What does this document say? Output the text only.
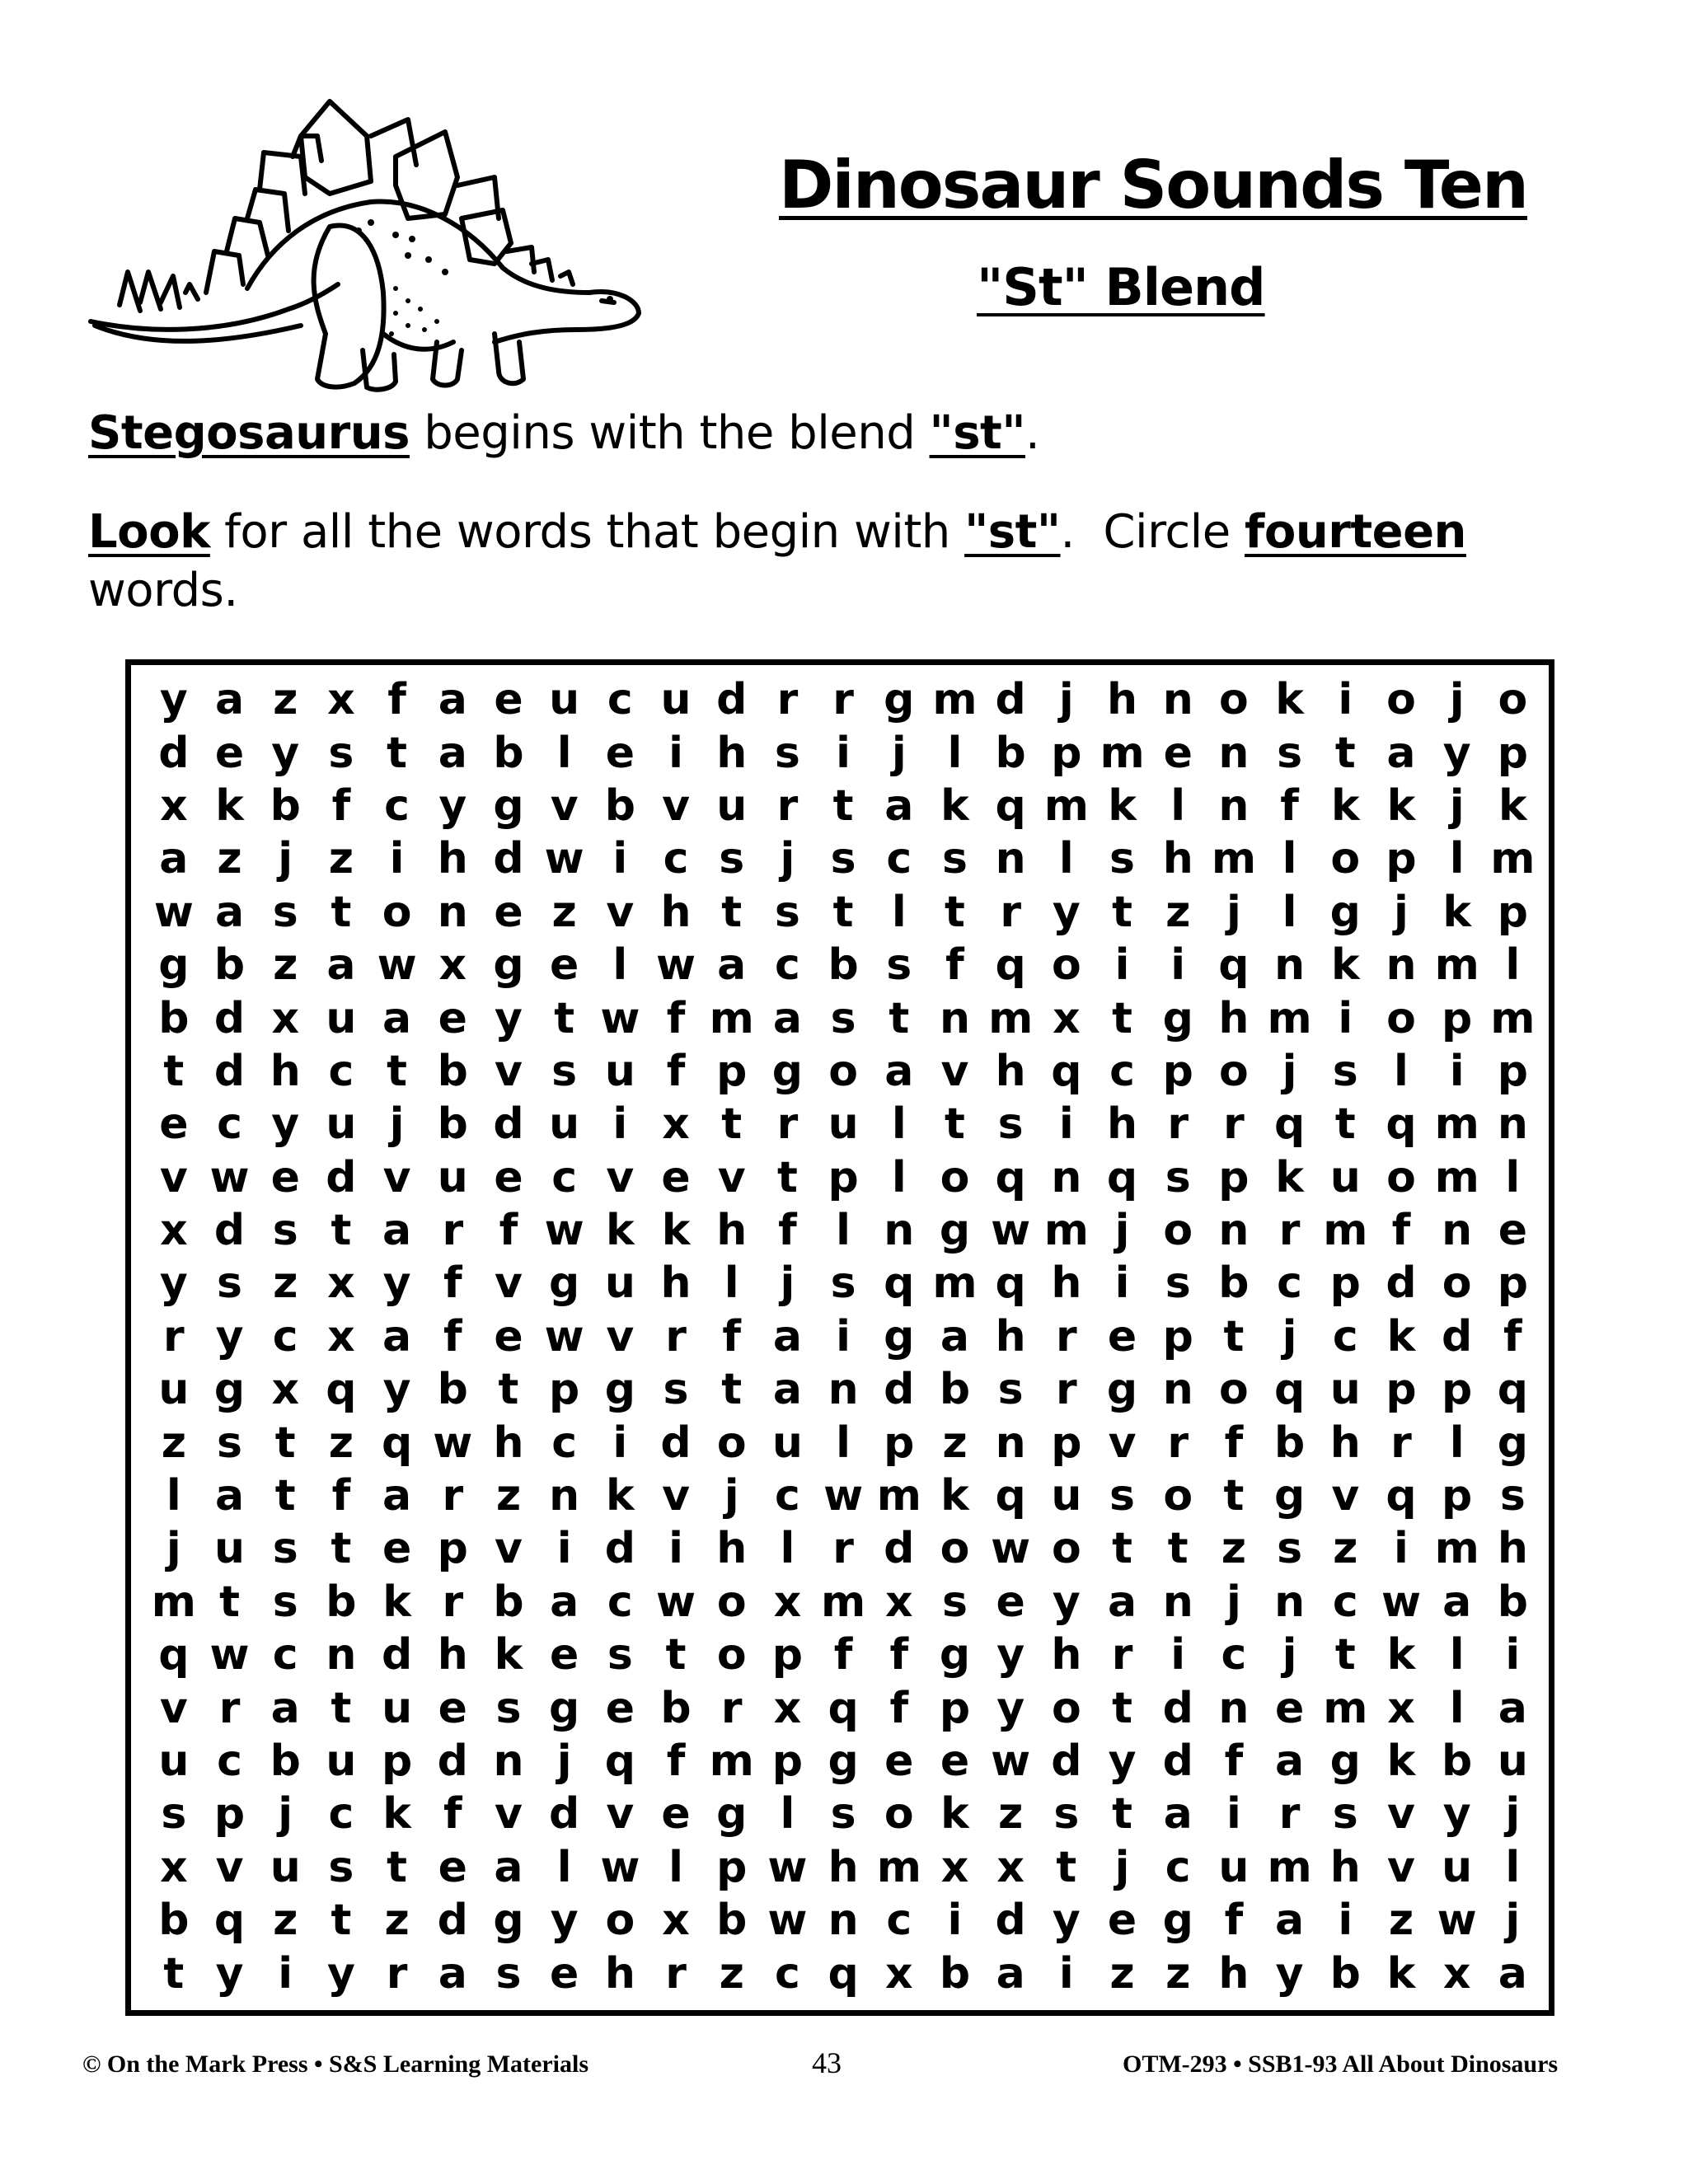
Dinosaur Sounds Ten
"St" Blend
Stegosaurus begins with the blend "st".
Look for all the words that begin with "st".  Circle fourteen
words.
y a z x f a e u c u d r r g m d j h n o k i o j o
d e y s t a b l e i h s i j l b p m e n s t a y p
x k b f c y g v b v u r t a k q m k l n f k k j k
a z j z i h d w i c s j s c s n l s h m l o p l m
w a s t o n e z v h t s t l t r y t z j l g j k p
g b z a w x g e l w a c b s f q o i i q n k n m l
b d x u a e y t w f m a s t n m x t g h m i o p m
t d h c t b v s u f p g o a v h q c p o j s l i p
e c y u j b d u i x t r u l t s i h r r q t q m n
v w e d v u e c v e v t p l o q n q s p k u o m l
x d s t a r f w k k h f l n g w m j o n r m f n e
y s z x y f v g u h l j s q m q h i s b c p d o p
r y c x a f e w v r f a i g a h r e p t j c k d f
u g x q y b t p g s t a n d b s r g n o q u p p q
z s t z q w h c i d o u l p z n p v r f b h r l g
l a t f a r z n k v j c w m k q u s o t g v q p s
j u s t e p v i d i h l r d o w o t t z s z i m h
m t s b k r b a c w o x m x s e y a n j n c w a b
q w c n d h k e s t o p f f g y h r i c j t k l i
v r a t u e s g e b r x q f p y o t d n e m x l a
u c b u p d n j q f m p g e e w d y d f a g k b u
s p j c k f v d v e g l s o k z s t a i r s v y j
x v u s t e a l w l p w h m x x t j c u m h v u l
b q z t z d g y o x b w n c i d y e g f a i z w j
t y i y r a s e h r z c q x b a i z z h y b k x a
© On the Mark Press • S&S Learning Materials	43	OTM-293 • SSB1-93 All About Dinosaurs
